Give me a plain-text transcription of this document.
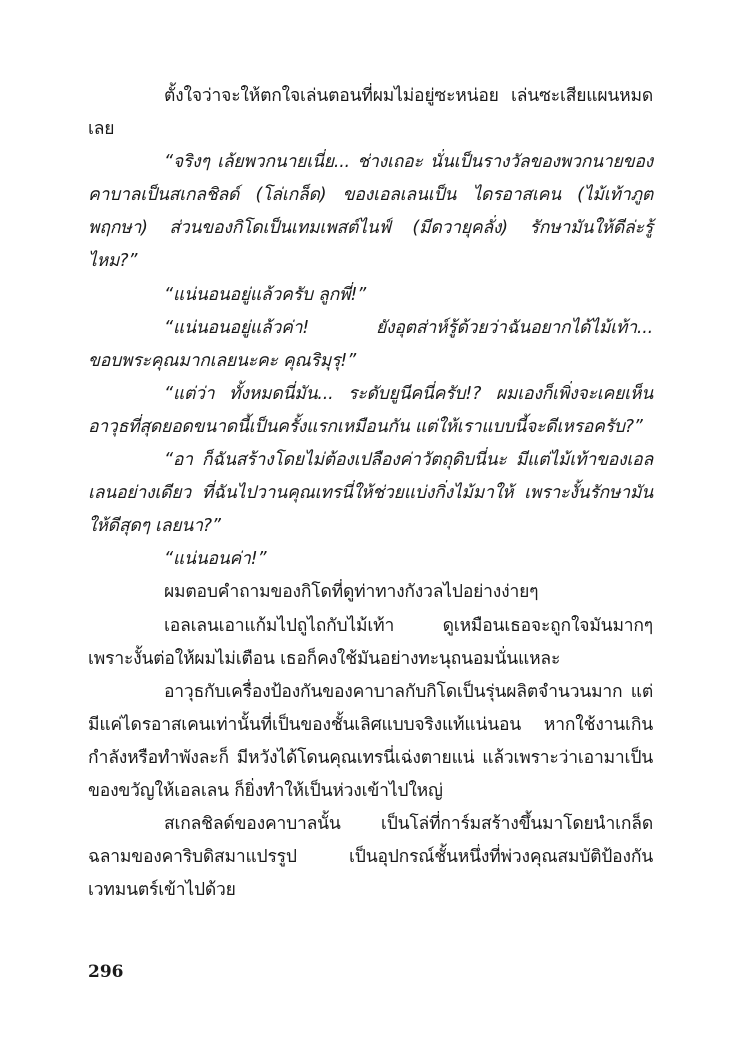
ตั้งใจว่าจะให้ตกใจเล่นตอนที่ผมไม่อยู่ซะหน่อย เล่นซะเสียแผนหมดเลย

“จริงๆ เล้ยพวกนายเนี่ย... ช่างเถอะ นั่นเป็นรางวัลของพวกนายของคาบาลเป็นสเกลชิลด์ (โล่เกล็ด) ของเอลเลนเป็น ไดรอาสเคน (ไม้เท้าภูตพฤกษา) ส่วนของกิโดเป็นเทมเพสต์ไนฟ์ (มีดวายุคลั่ง) รักษามันให้ดีล่ะรู้ไหม?”

“แน่นอนอยู่แล้วครับ ลูกพี่!”

“แน่นอนอยู่แล้วค่า! ยังอุตส่าห์รู้ด้วยว่าฉันอยากได้ไม้เท้า... ขอบพระคุณมากเลยนะคะ คุณริมุรุ!”

“แต่ว่า ทั้งหมดนี่มัน... ระดับยูนีคนี่ครับ!? ผมเองก็เพิ่งจะเคยเห็นอาวุธที่สุดยอดขนาดนี้เป็นครั้งแรกเหมือนกัน แต่ให้เราแบบนี้จะดีเหรอครับ?”

“อา ก็ฉันสร้างโดยไม่ต้องเปลืองค่าวัตถุดิบนี่นะ มีแต่ไม้เท้าของเอลเลนอย่างเดียว ที่ฉันไปวานคุณเทรนี่ให้ช่วยแบ่งกิ่งไม้มาให้ เพราะงั้นรักษามันให้ดีสุดๆ เลยนา?”

“แน่นอนค่า!”

ผมตอบคำถามของกิโดที่ดูท่าทางกังวลไปอย่างง่ายๆ

เอลเลนเอาแก้มไปถูไถกับไม้เท้า ดูเหมือนเธอจะถูกใจมันมากๆ เพราะงั้นต่อให้ผมไม่เตือน เธอก็คงใช้มันอย่างทะนุถนอมนั่นแหละ

อาวุธกับเครื่องป้องกันของคาบาลกับกิโดเป็นรุ่นผลิตจำนวนมาก แต่มีแค่ไดรอาสเคนเท่านั้นที่เป็นของชั้นเลิศแบบจริงแท้แน่นอน หากใช้งานเกินกำลังหรือทำพังละก็ มีหวังได้โดนคุณเทรนี่เฉ่งตายแน่ แล้วเพราะว่าเอามาเป็นของขวัญให้เอลเลน ก็ยิ่งทำให้เป็นห่วงเข้าไปใหญ่

สเกลชิลด์ของคาบาลนั้น เป็นโล่ที่การ์มสร้างขึ้นมาโดยนำเกล็ดฉลามของคาริบดิสมาแปรรูป เป็นอุปกรณ์ชั้นหนึ่งที่พ่วงคุณสมบัติป้องกันเวทมนตร์เข้าไปด้วย

296
